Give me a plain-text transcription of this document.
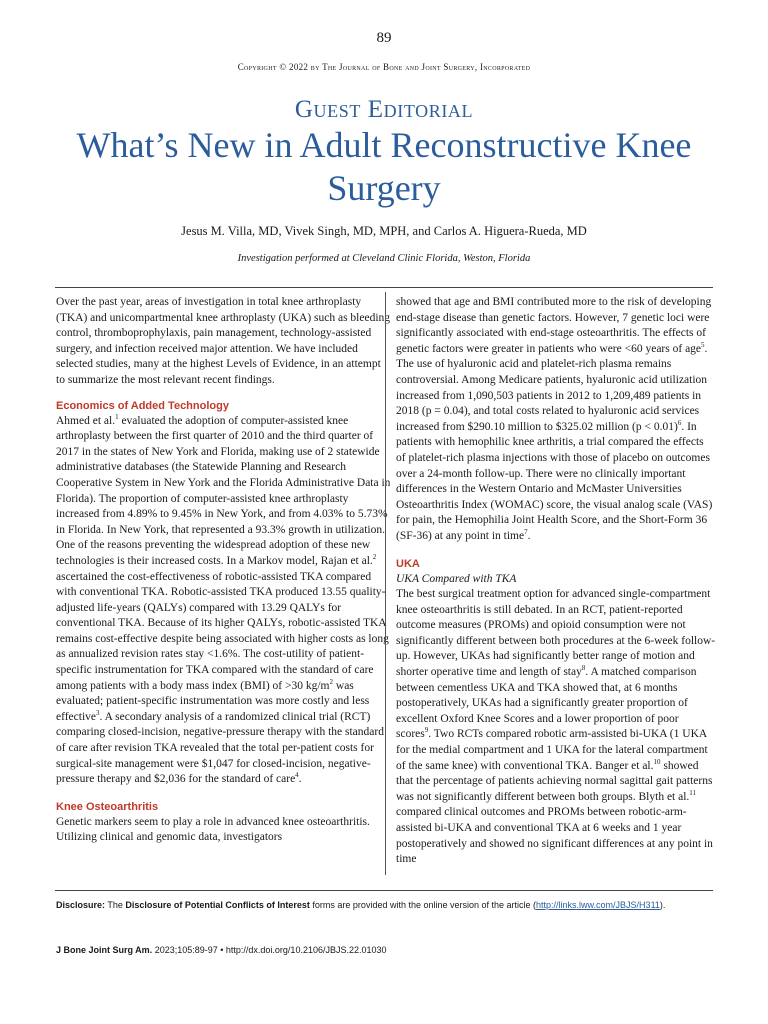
89
Copyright © 2022 by The Journal of Bone and Joint Surgery, Incorporated
Guest Editorial
What’s New in Adult Reconstructive Knee Surgery
Jesus M. Villa, MD, Vivek Singh, MD, MPH, and Carlos A. Higuera-Rueda, MD
Investigation performed at Cleveland Clinic Florida, Weston, Florida

Over the past year, areas of investigation in total knee arthroplasty (TKA) and unicompartmental knee arthroplasty (UKA) such as bleeding control, thromboprophylaxis, pain management, technology-assisted surgery, and infection received major attention. We have included selected studies, many at the highest Levels of Evidence, in an attempt to summarize the most relevant recent findings.

Economics of Added Technology

Ahmed et al.$^1$ evaluated the adoption of computer-assisted knee arthroplasty between the first quarter of 2010 and the third quarter of 2017 in the states of New York and Florida, making use of 2 statewide administrative databases (the Statewide Planning and Research Cooperative System in New York and the Florida Administrative Data in Florida). The proportion of computer-assisted knee arthroplasty increased from 4.89% to 9.45% in New York, and from 4.03% to 5.73% in Florida. In New York, that represented a 93.3% growth in utilization. One of the reasons preventing the widespread adoption of these new technologies is their increased costs. In a Markov model, Rajan et al.$^2$ ascertained the cost-effectiveness of robotic-assisted TKA compared with conventional TKA. Robotic-assisted TKA produced 13.55 quality-adjusted life-years (QALYs) compared with 13.29 QALYs for conventional TKA. Because of its higher QALYs, robotic-assisted TKA remains cost-effective despite being associated with higher costs as long as annualized revision rates stay <1.6%. The cost-utility of patient-specific instrumentation for TKA compared with the standard of care among patients with a body mass index (BMI) of >30 $kg/m^2$ was evaluated; patient-specific instrumentation was more costly and less effective$^3$. A secondary analysis of a randomized clinical trial (RCT) comparing closed-incision, negative-pressure therapy with the standard of care after revision TKA revealed that the total per-patient costs for surgical-site management were $1,047 for closed-incision, negative-pressure therapy and $2,036 for the standard of care$^4$.

Knee Osteoarthritis

Genetic markers seem to play a role in advanced knee osteoarthritis. Utilizing clinical and genomic data, investigators

showed that age and BMI contributed more to the risk of developing end-stage disease than genetic factors. However, 7 genetic loci were significantly associated with end-stage osteoarthritis. The effects of genetic factors were greater in patients who were <60 years of age$^5$. The use of hyaluronic acid and platelet-rich plasma remains controversial. Among Medicare patients, hyaluronic acid utilization increased from 1,090,503 patients in 2012 to 1,209,489 patients in 2018 (p = 0.04), and total costs related to hyaluronic acid services increased from $290.10 million to $325.02 million (p < 0.01)$^6$. In patients with hemophilic knee arthritis, a trial compared the effects of platelet-rich plasma injections with those of placebo on outcomes over a 24-month follow-up. There were no clinically important differences in the Western Ontario and McMaster Universities Osteoarthritis Index (WOMAC) score, the visual analog scale (VAS) for pain, the Hemophilia Joint Health Score, and the Short-Form 36 (SF-36) at any point in time$^7$.

UKA

UKA Compared with TKA

The best surgical treatment option for advanced single-compartment knee osteoarthritis is still debated. In an RCT, patient-reported outcome measures (PROMs) and opioid consumption were not significantly different between both procedures at the 6-week follow-up. However, UKAs had significantly better range of motion and shorter operative time and length of stay$^8$. A matched comparison between cementless UKA and TKA showed that, at 6 months postoperatively, UKAs had a significantly greater proportion of excellent Oxford Knee Scores and a lower proportion of poor scores$^9$. Two RCTs compared robotic arm-assisted bi-UKA (1 UKA for the medial compartment and 1 UKA for the lateral compartment of the same knee) with conventional TKA. Banger et al.$^{10}$ showed that the percentage of patients achieving normal sagittal gait patterns was not significantly different between both groups. Blyth et al.$^{11}$ compared clinical outcomes and PROMs between robotic-arm-assisted bi-UKA and conventional TKA at 6 weeks and 1 year postoperatively and showed no significant differences at any point in time

Disclosure: The Disclosure of Potential Conflicts of Interest forms are provided with the online version of the article (http://links.lww.com/JBJS/H311).
J Bone Joint Surg Am. 2023;105:89-97 • http://dx.doi.org/10.2106/JBJS.22.01030
